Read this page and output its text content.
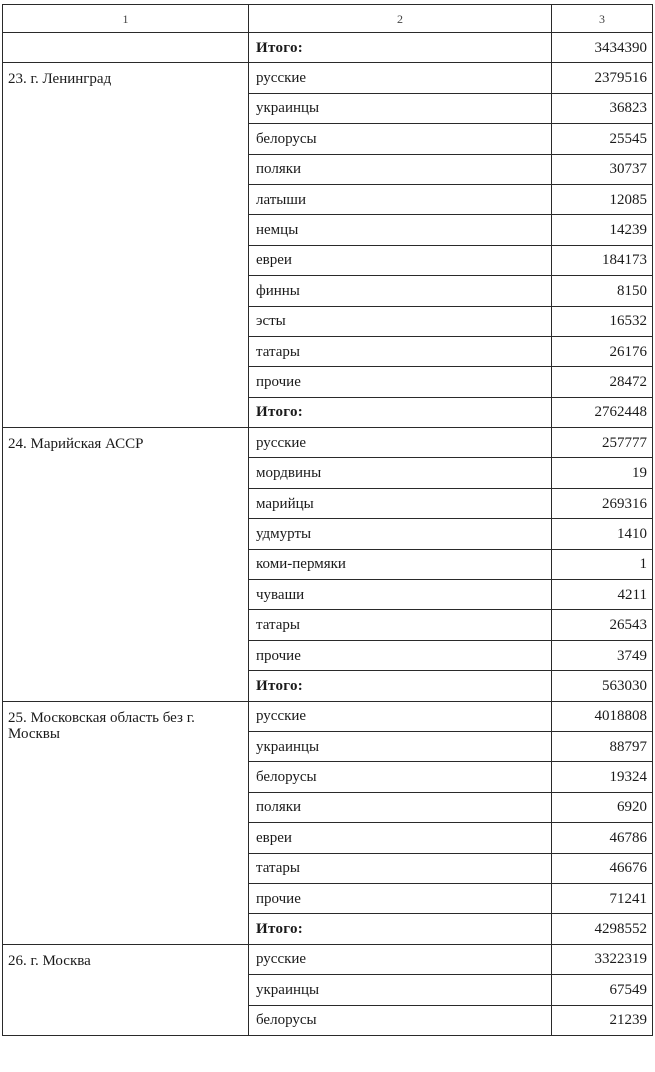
1	2	3
	Итого:	3434390
23. г. Ленинград	русские	2379516
	украинцы	36823
	белорусы	25545
	поляки	30737
	латыши	12085
	немцы	14239
	евреи	184173
	финны	8150
	эсты	16532
	татары	26176
	прочие	28472
	Итого:	2762448
24. Марийская АССР	русские	257777
	мордвины	19
	марийцы	269316
	удмурты	1410
	коми-пермяки	1
	чуваши	4211
	татары	26543
	прочие	3749
	Итого:	563030
25. Московская область без г. Москвы	русские	4018808
	украинцы	88797
	белорусы	19324
	поляки	6920
	евреи	46786
	татары	46676
	прочие	71241
	Итого:	4298552
26. г. Москва	русские	3322319
	украинцы	67549
	белорусы	21239
